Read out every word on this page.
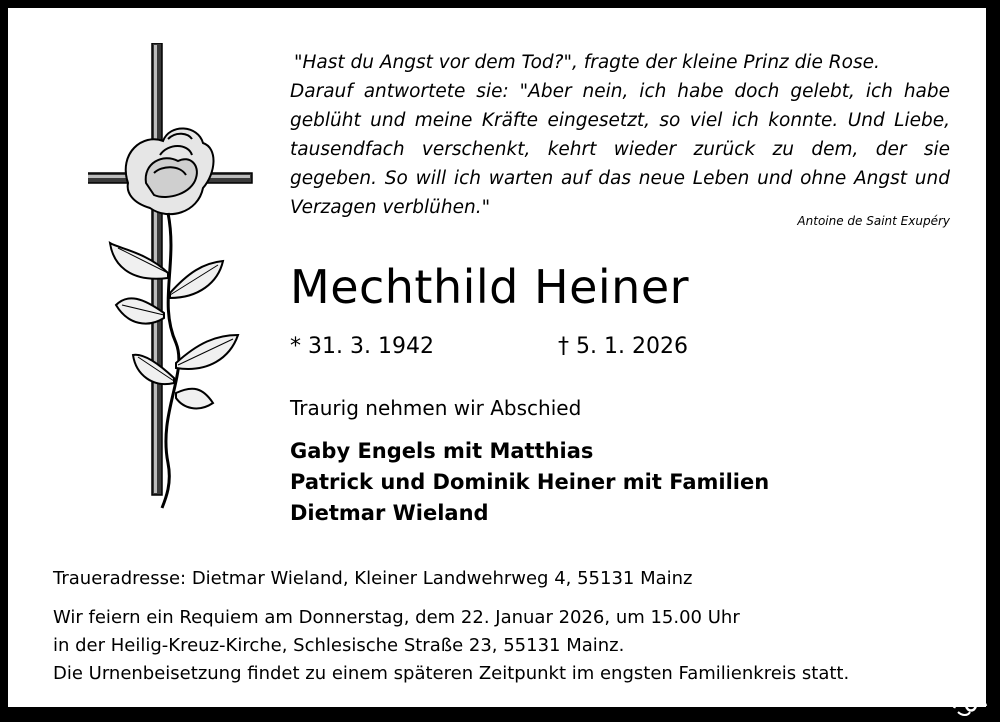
"Hast du Angst vor dem Tod?", fragte der kleine Prinz die Rose.
Darauf antwortete sie: "Aber nein, ich habe doch gelebt, ich habe
geblüht und meine Kräfte eingesetzt, so viel ich konnte. Und Liebe,
tausendfach verschenkt, kehrt wieder zurück zu dem, der sie
gegeben. So will ich warten auf das neue Leben und ohne Angst und
Verzagen verblühen."
Antoine de Saint Exupéry
Mechthild Heiner
* 31. 3. 1942	† 5. 1. 2026
Traurig nehmen wir Abschied
Gaby Engels mit Matthias
Patrick und Dominik Heiner mit Familien
Dietmar Wieland
Traueradresse: Dietmar Wieland, Kleiner Landwehrweg 4, 55131 Mainz
Wir feiern ein Requiem am Donnerstag, dem 22. Januar 2026, um 15.00 Uhr
in der Heilig-Kreuz-Kirche, Schlesische Straße 23, 55131 Mainz.
Die Urnenbeisetzung findet zu einem späteren Zeitpunkt im engsten Familienkreis statt.
